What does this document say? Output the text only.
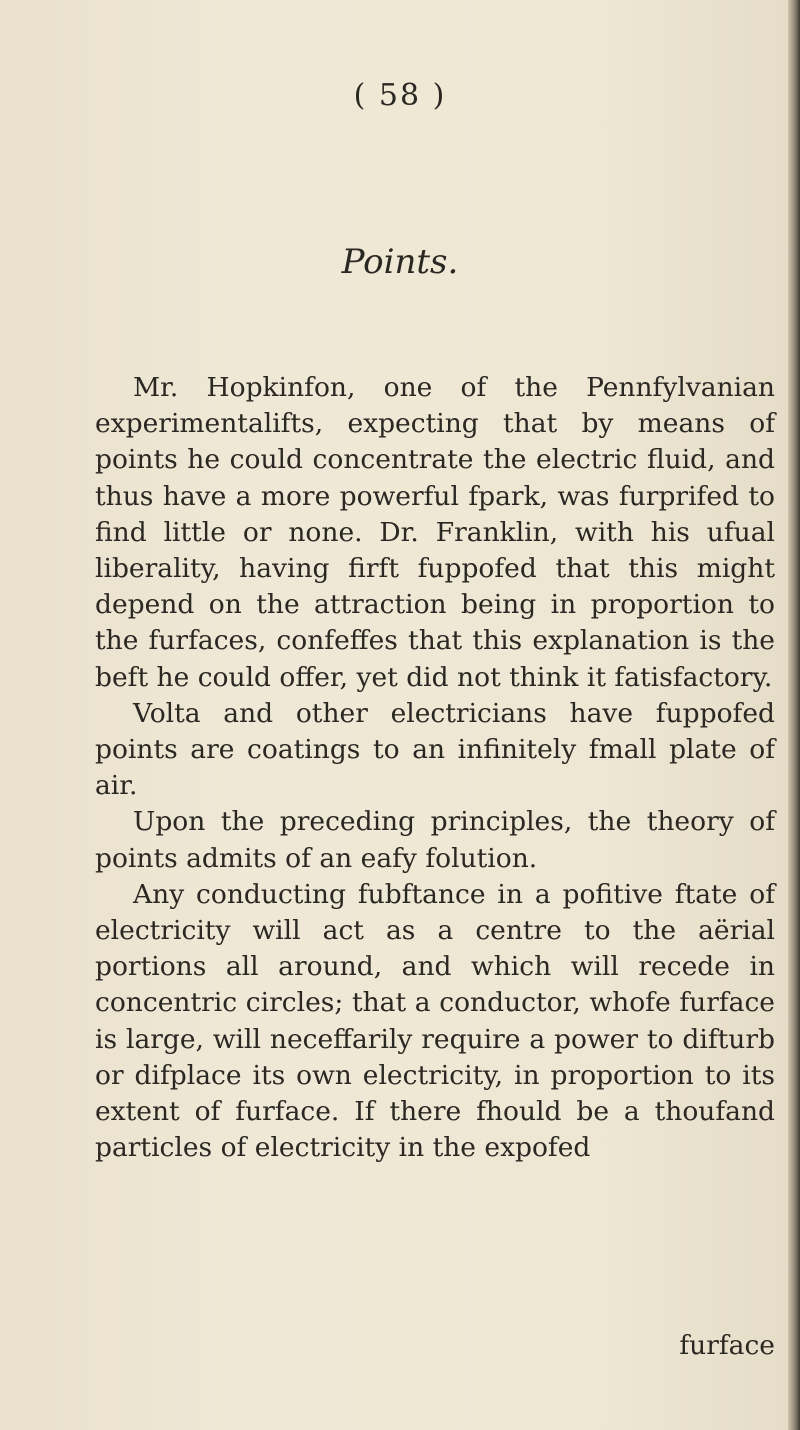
( 58 )

Points.

Mr. Hopkinfon, one of the Pennfylvanian experimentalifts, expecting that by means of points he could concentrate the electric fluid, and thus have a more powerful fpark, was furprifed to find little or none. Dr. Franklin, with his ufual liberality, having firft fuppofed that this might depend on the attraction being in proportion to the furfaces, confeffes that this explanation is the beft he could offer, yet did not think it fatisfactory.

Volta and other electricians have fuppofed points are coatings to an infinitely fmall plate of air.

Upon the preceding principles, the theory of points admits of an eafy folution.

Any conducting fubftance in a pofitive ftate of electricity will act as a centre to the aërial portions all around, and which will recede in concentric circles; that a conductor, whofe furface is large, will neceffarily require a power to difturb or difplace its own electricity, in proportion to its extent of furface. If there fhould be a thoufand particles of electricity in the expofed

furface
